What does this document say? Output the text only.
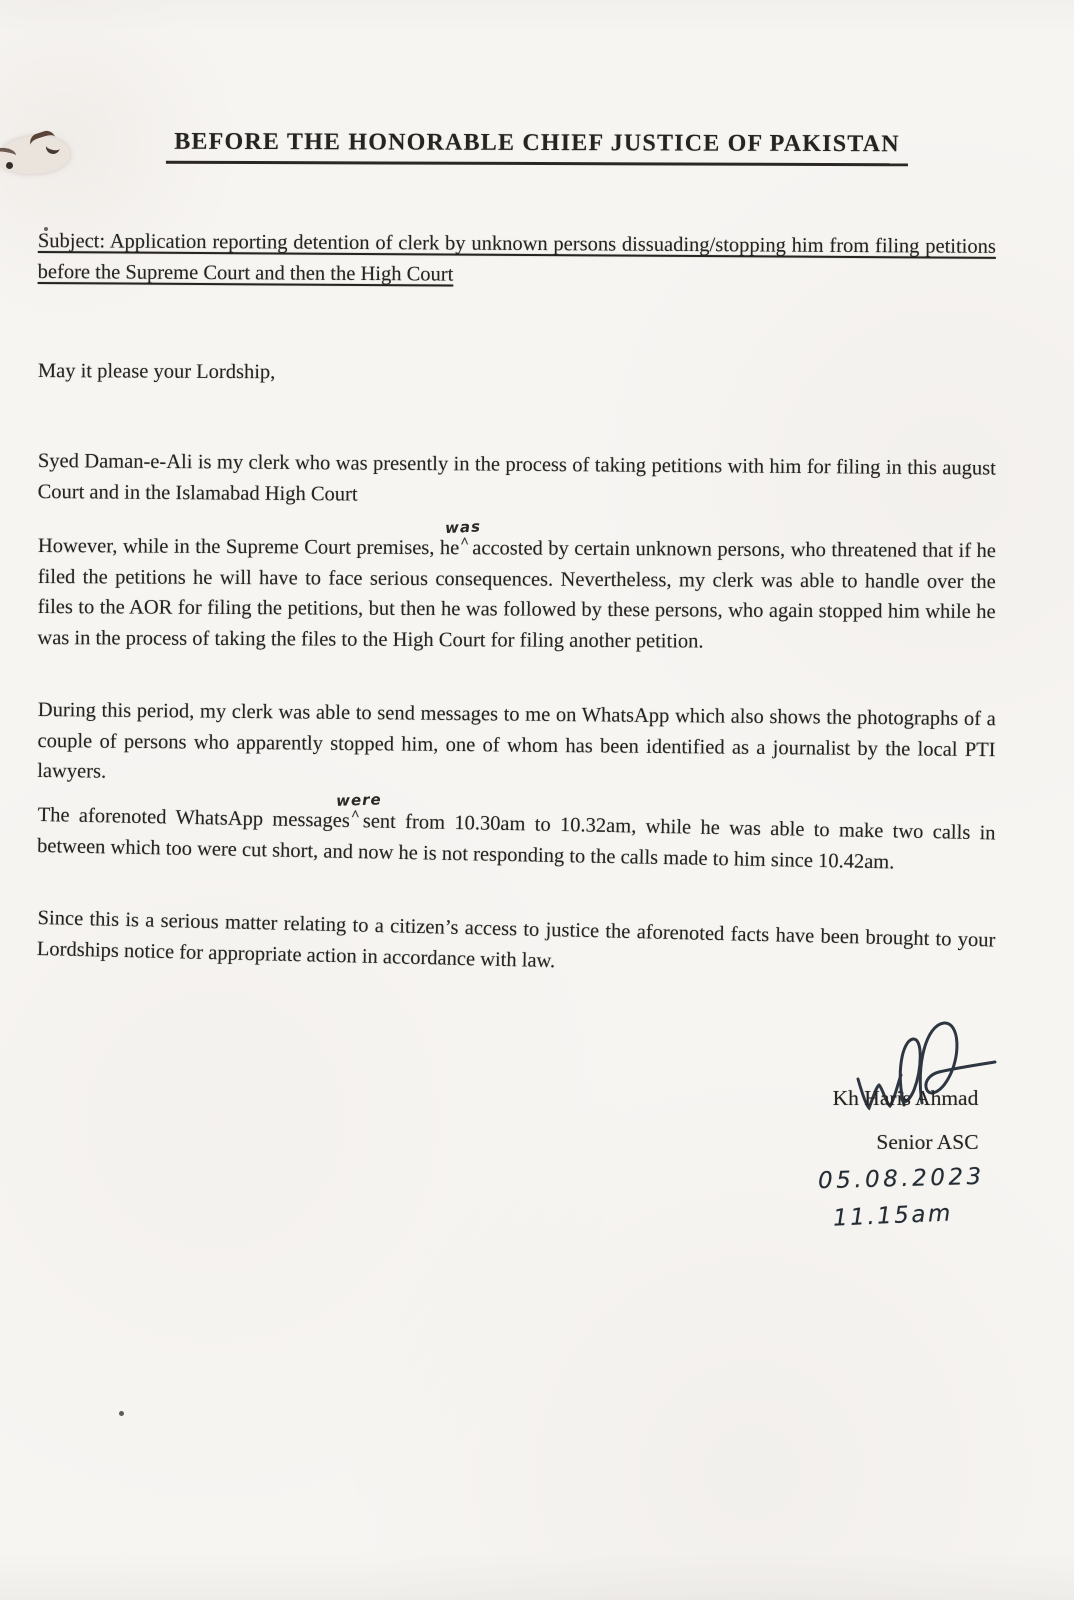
BEFORE THE HONORABLE CHIEF JUSTICE OF PAKISTAN
Subject: Application reporting detention of clerk by unknown persons dissuading/stopping him from filing petitions before the Supreme Court and then the High Court
May it please your Lordship,
Syed Daman-e-Ali is my clerk who was presently in the process of taking petitions with him for filing in this august Court and in the Islamabad High Court
However, while in the Supreme Court premises, he
was
^ accosted by certain unknown persons, who threatened that if he filed the petitions he will have to face serious consequences. Nevertheless, my clerk was able to handle over the files to the AOR for filing the petitions, but then he was followed by these persons, who again stopped him while he was in the process of taking the files to the High Court for filing another petition.
During this period, my clerk was able to send messages to me on WhatsApp which also shows the photographs of a couple of persons who apparently stopped him, one of whom has been identified as a journalist by the local PTI lawyers.
The aforenoted WhatsApp messages
were
^ sent from 10.30am to 10.32am, while he was able to make two calls in between which too were cut short, and now he is not responding to the calls made to him since 10.42am.
Since this is a serious matter relating to a citizen’s access to justice the aforenoted facts have been brought to your Lordships notice for appropriate action in accordance with law.
Kh Haris Ahmad
Senior ASC
05.08.2023
11.15am
